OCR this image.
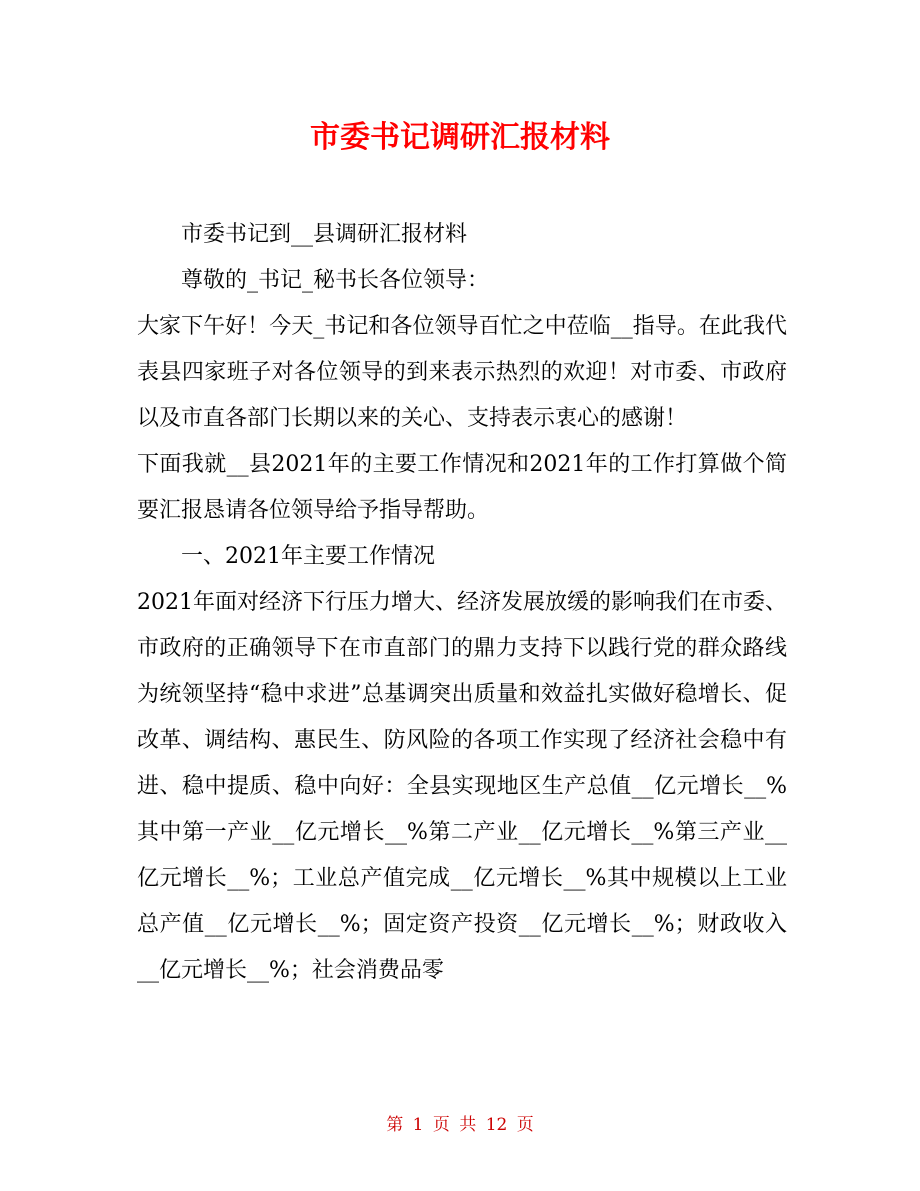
市委书记调研汇报材料

市委书记到__县调研汇报材料

尊敬的_书记_秘书长各位领导：

大家下午好！今天_书记和各位领导百忙之中莅临__指导。在此我代表县四家班子对各位领导的到来表示热烈的欢迎！对市委、市政府以及市直各部门长期以来的关心、支持表示衷心的感谢！

下面我就__县2021年的主要工作情况和2021年的工作打算做个简要汇报恳请各位领导给予指导帮助。

一、2021年主要工作情况

2021年面对经济下行压力增大、经济发展放缓的影响我们在市委、市政府的正确领导下在市直部门的鼎力支持下以践行党的群众路线为统领坚持“稳中求进”总基调突出质量和效益扎实做好稳增长、促改革、调结构、惠民生、防风险的各项工作实现了经济社会稳中有进、稳中提质、稳中向好：全县实现地区生产总值__亿元增长__%其中第一产业__亿元增长__%第二产业__亿元增长__%第三产业__亿元增长__%；工业总产值完成__亿元增长__%其中规模以上工业总产值__亿元增长__%；固定资产投资__亿元增长__%；财政收入__亿元增长__%；社会消费品零

第 1 页 共 12 页
